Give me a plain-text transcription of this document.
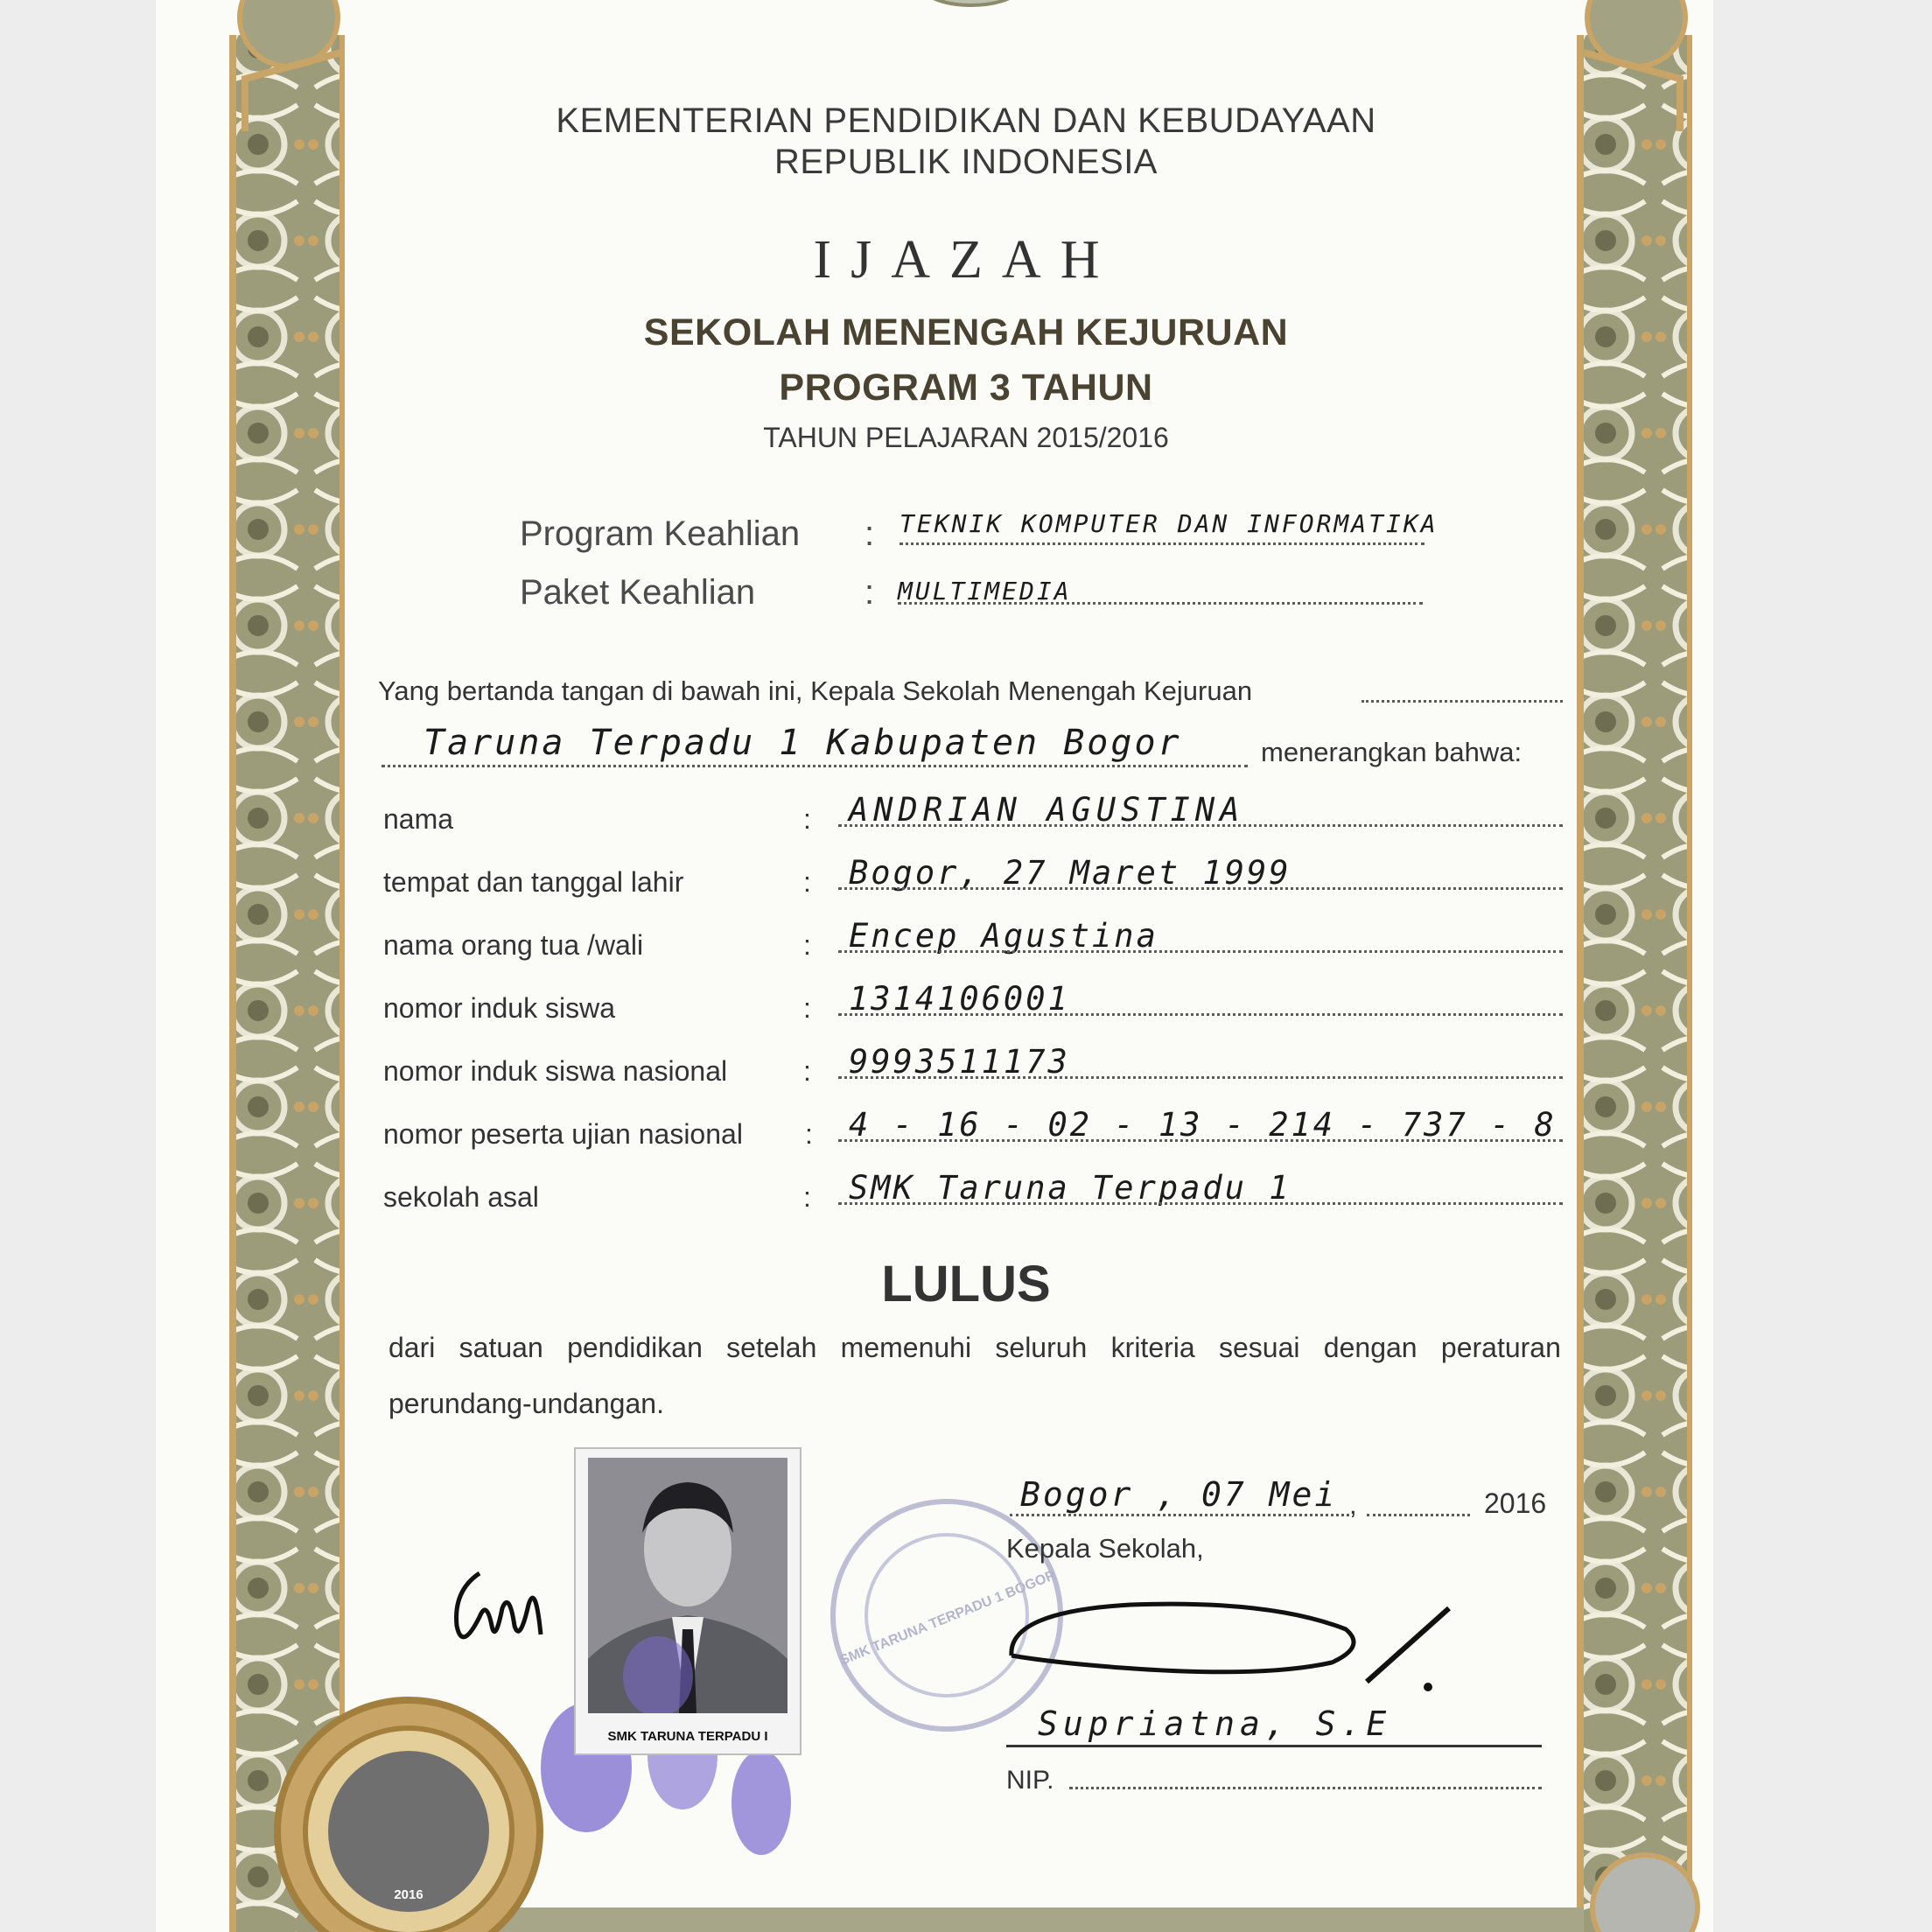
KEMENTERIAN PENDIDIKAN DAN KEBUDAYAAN
REPUBLIK INDONESIA
IJAZAH
SEKOLAH MENENGAH KEJURUAN
PROGRAM 3 TAHUN
TAHUN PELAJARAN 2015/2016
Program Keahlian : TEKNIK KOMPUTER DAN INFORMATIKA
Paket Keahlian	: MULTIMEDIA
Yang bertanda tangan di bawah ini, Kepala Sekolah Menengah Kejuruan
Taruna Terpadu 1 Kabupaten Bogor	menerangkan bahwa:
nama	: ANDRIAN AGUSTINA
tempat dan tanggal lahir	: Bogor, 27 Maret 1999
nama orang tua /wali	: Encep Agustina
nomor induk siswa	: 1314106001
nomor induk siswa nasional	: 9993511173
nomor peserta ujian nasional : 4 - 16 - 02 - 13 - 214 - 737 - 8
sekolah asal	: SMK Taruna Terpadu 1
LULUS
dari satuan pendidikan setelah memenuhi seluruh kriteria sesuai dengan peraturan
perundang-undangan.
SMK TARUNA TERPADU I
2016
SMK TARUNA TERPADU 1 BOGOR
Bogor , 07 Mei ,	2016
Kepala Sekolah,
Supriatna, S.E
NIP.
